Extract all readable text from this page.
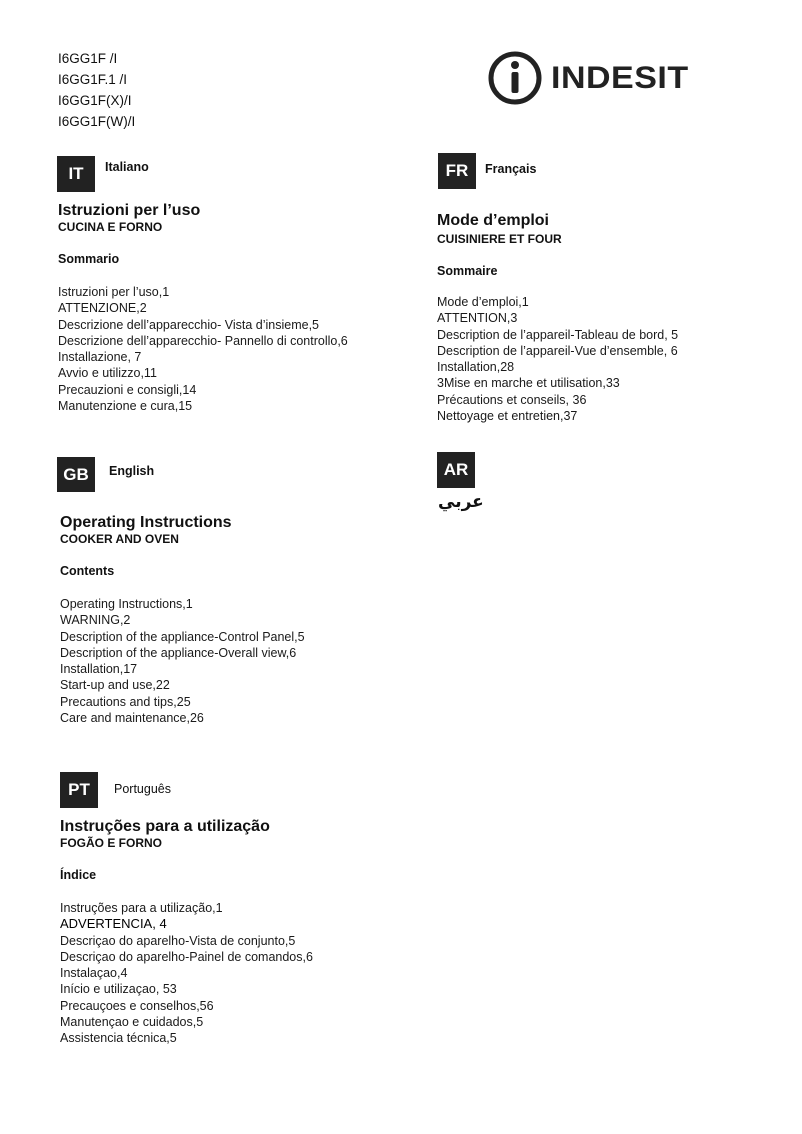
I6GG1F /I
I6GG1F.1 /I
I6GG1F(X)/I
I6GG1F(W)/I
INDESIT
IT	Italiano
Istruzioni per l’uso
CUCINA E FORNO
Sommario
Istruzioni per l’uso,1
ATTENZIONE,2
Descrizione dell’apparecchio- Vista d’insieme,5
Descrizione dell’apparecchio- Pannello di controllo,6
Installazione, 7
Avvio e utilizzo,11
Precauzioni e consigli,14
Manutenzione e cura,15
FR	Français
Mode d’emploi
CUISINIERE ET FOUR
Sommaire
Mode d’emploi,1
ATTENTION,3
Description de l’appareil-Tableau de bord, 5
Description de l’appareil-Vue d’ensemble, 6
Installation,28
3Mise en marche et utilisation,33
Précautions et conseils, 36
Nettoyage et entretien,37
GB	English
Operating Instructions
COOKER AND OVEN
Contents
Operating Instructions,1
WARNING,2
Description of the appliance-Control Panel,5
Description of the appliance-Overall view,6
Installation,17
Start-up and use,22
Precautions and tips,25
Care and maintenance,26
AR
عربي
PT	Português
Instruções para a utilização
FOGÃO E FORNO
Índice
Instruções para a utilização,1
ADVERTENCIA, 4
Descriçao do aparelho-Vista de conjunto,5
Descriçao do aparelho-Painel de comandos,6
Instalaçao,4
Início e utilizaçao, 53
Precauçoes e conselhos,56
Manutençao e cuidados,5
Assistencia técnica,5
